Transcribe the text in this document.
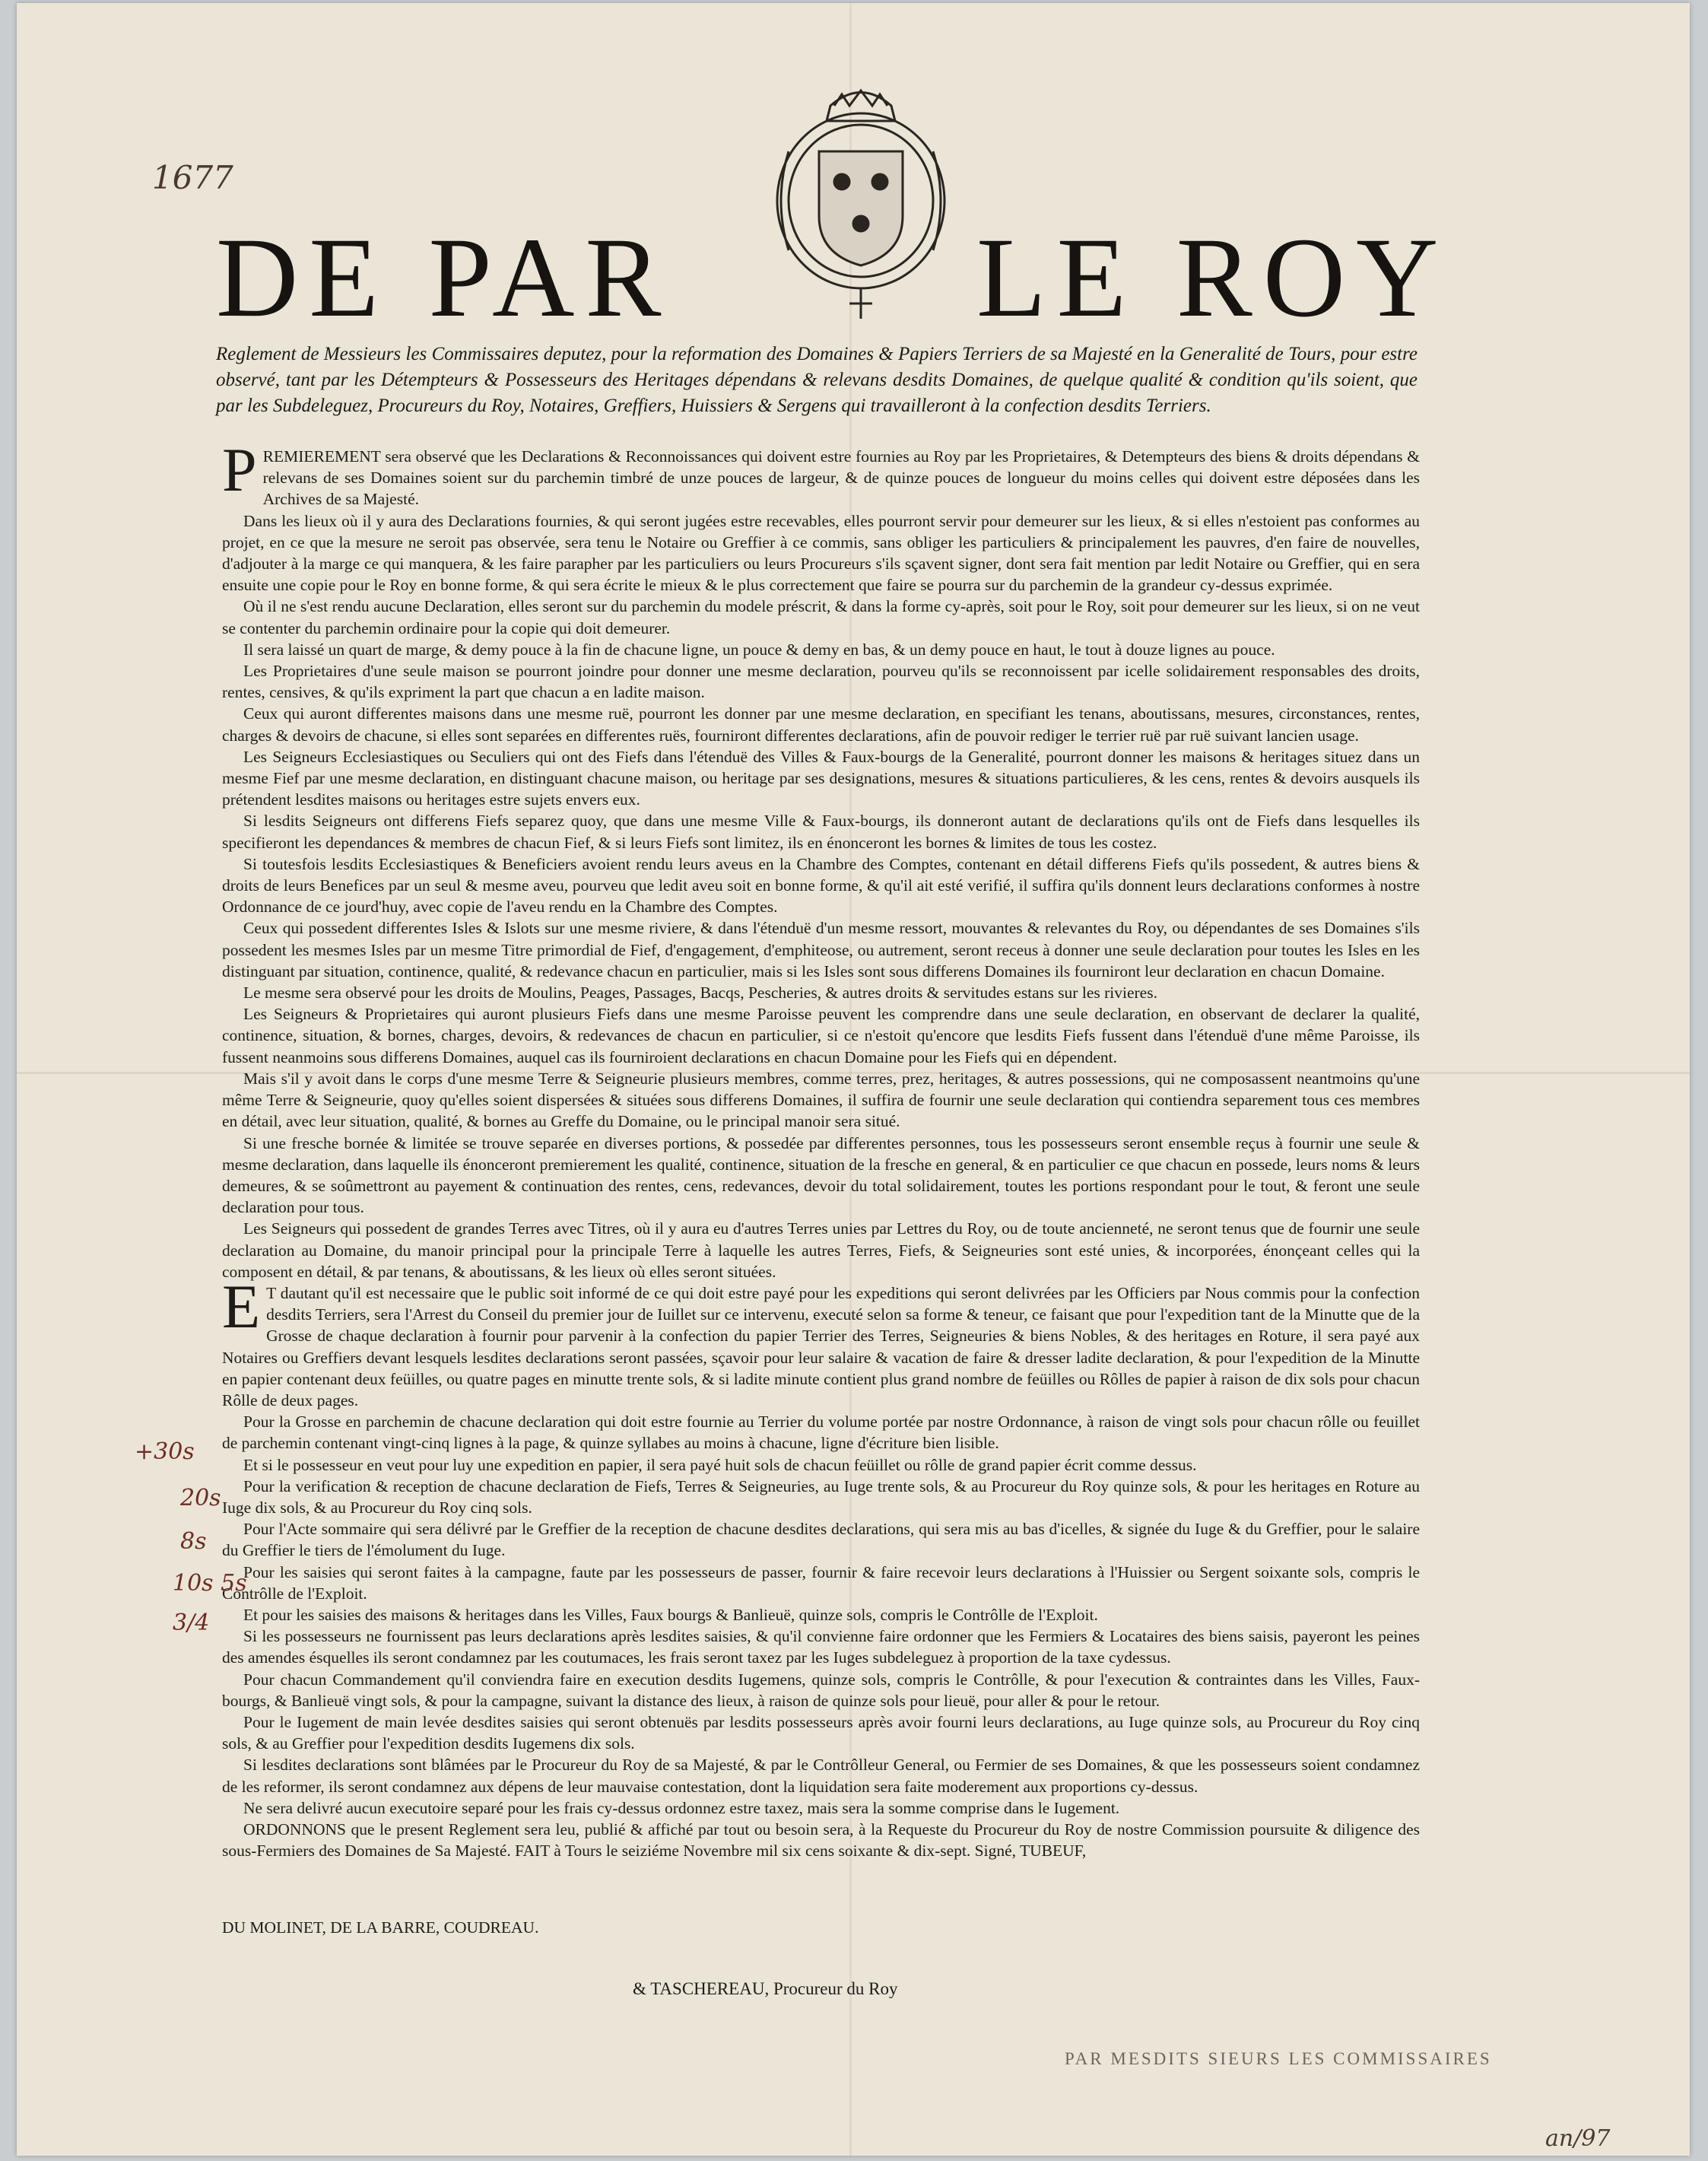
1677
DE PAR	LE ROY
Reglement de Messieurs les Commissaires deputez, pour la reformation des Domaines & Papiers Terriers de sa Majesté en la Generalité de Tours, pour estre observé, tant par les Détempteurs & Possesseurs des Heritages dépendans & relevans desdits Domaines, de quelque qualité & condition qu'ils soient, que par les Subdeleguez, Procureurs du Roy, Notaires, Greffiers, Huissiers & Sergens qui travailleront à la confection desdits Terriers.

PREMIEREMENT sera observé que les Declarations & Reconnoissances qui doivent estre fournies au Roy par les Proprietaires, & Detempteurs des biens & droits dépendans & relevans de ses Domaines soient sur du parchemin timbré de unze pouces de largeur, & de quinze pouces de longueur du moins celles qui doivent estre déposées dans les Archives de sa Majesté.

Dans les lieux où il y aura des Declarations fournies, & qui seront jugées estre recevables, elles pourront servir pour demeurer sur les lieux, & si elles n'estoient pas conformes au projet, en ce que la mesure ne seroit pas observée, sera tenu le Notaire ou Greffier à ce commis, sans obliger les particuliers & principalement les pauvres, d'en faire de nouvelles, d'adjouter à la marge ce qui manquera, & les faire parapher par les particuliers ou leurs Procureurs s'ils sçavent signer, dont sera fait mention par ledit Notaire ou Greffier, qui en sera ensuite une copie pour le Roy en bonne forme, & qui sera écrite le mieux & le plus correctement que faire se pourra sur du parchemin de la grandeur cy-dessus exprimée.

Où il ne s'est rendu aucune Declaration, elles seront sur du parchemin du modele préscrit, & dans la forme cy-après, soit pour le Roy, soit pour demeurer sur les lieux, si on ne veut se contenter du parchemin ordinaire pour la copie qui doit demeurer.

Il sera laissé un quart de marge, & demy pouce à la fin de chacune ligne, un pouce & demy en bas, & un demy pouce en haut, le tout à douze lignes au pouce.

Les Proprietaires d'une seule maison se pourront joindre pour donner une mesme declaration, pourveu qu'ils se reconnoissent par icelle solidairement responsables des droits, rentes, censives, & qu'ils expriment la part que chacun a en ladite maison.

Ceux qui auront differentes maisons dans une mesme ruë, pourront les donner par une mesme declaration, en specifiant les tenans, aboutissans, mesures, circonstances, rentes, charges & devoirs de chacune, si elles sont separées en differentes ruës, fourniront differentes declarations, afin de pouvoir rediger le terrier ruë par ruë suivant lancien usage.

Les Seigneurs Ecclesiastiques ou Seculiers qui ont des Fiefs dans l'étenduë des Villes & Faux-bourgs de la Generalité, pourront donner les maisons & heritages situez dans un mesme Fief par une mesme declaration, en distinguant chacune maison, ou heritage par ses designations, mesures & situations particulieres, & les cens, rentes & devoirs ausquels ils prétendent lesdites maisons ou heritages estre sujets envers eux.

Si lesdits Seigneurs ont differens Fiefs separez quoy, que dans une mesme Ville & Faux-bourgs, ils donneront autant de declarations qu'ils ont de Fiefs dans lesquelles ils specifieront les dependances & membres de chacun Fief, & si leurs Fiefs sont limitez, ils en énonceront les bornes & limites de tous les costez.

Si toutesfois lesdits Ecclesiastiques & Beneficiers avoient rendu leurs aveus en la Chambre des Comptes, contenant en détail differens Fiefs qu'ils possedent, & autres biens & droits de leurs Benefices par un seul & mesme aveu, pourveu que ledit aveu soit en bonne forme, & qu'il ait esté verifié, il suffira qu'ils donnent leurs declarations conformes à nostre Ordonnance de ce jourd'huy, avec copie de l'aveu rendu en la Chambre des Comptes.

Ceux qui possedent differentes Isles & Islots sur une mesme riviere, & dans l'étenduë d'un mesme ressort, mouvantes & relevantes du Roy, ou dépendantes de ses Domaines s'ils possedent les mesmes Isles par un mesme Titre primordial de Fief, d'engagement, d'emphiteose, ou autrement, seront receus à donner une seule declaration pour toutes les Isles en les distinguant par situation, continence, qualité, & redevance chacun en particulier, mais si les Isles sont sous differens Domaines ils fourniront leur declaration en chacun Domaine.

Le mesme sera observé pour les droits de Moulins, Peages, Passages, Bacqs, Pescheries, & autres droits & servitudes estans sur les rivieres.

Les Seigneurs & Proprietaires qui auront plusieurs Fiefs dans une mesme Paroisse peuvent les comprendre dans une seule declaration, en observant de declarer la qualité, continence, situation, & bornes, charges, devoirs, & redevances de chacun en particulier, si ce n'estoit qu'encore que lesdits Fiefs fussent dans l'étenduë d'une même Paroisse, ils fussent neanmoins sous differens Domaines, auquel cas ils fourniroient declarations en chacun Domaine pour les Fiefs qui en dépendent.

Mais s'il y avoit dans le corps d'une mesme Terre & Seigneurie plusieurs membres, comme terres, prez, heritages, & autres possessions, qui ne composassent neantmoins qu'une même Terre & Seigneurie, quoy qu'elles soient dispersées & situées sous differens Domaines, il suffira de fournir une seule declaration qui contiendra separement tous ces membres en détail, avec leur situation, qualité, & bornes au Greffe du Domaine, ou le principal manoir sera situé.

Si une fresche bornée & limitée se trouve separée en diverses portions, & possedée par differentes personnes, tous les possesseurs seront ensemble reçus à fournir une seule & mesme declaration, dans laquelle ils énonceront premierement les qualité, continence, situation de la fresche en general, & en particulier ce que chacun en possede, leurs noms & leurs demeures, & se soûmettront au payement & continuation des rentes, cens, redevances, devoir du total solidairement, toutes les portions respondant pour le tout, & feront une seule declaration pour tous.

Les Seigneurs qui possedent de grandes Terres avec Titres, où il y aura eu d'autres Terres unies par Lettres du Roy, ou de toute ancienneté, ne seront tenus que de fournir une seule declaration au Domaine, du manoir principal pour la principale Terre à laquelle les autres Terres, Fiefs, & Seigneuries sont esté unies, & incorporées, énonçeant celles qui la composent en détail, & par tenans, & aboutissans, & les lieux où elles seront situées.

E T dautant qu'il est necessaire que le public soit informé de ce qui doit estre payé pour les expeditions qui seront delivrées par les Officiers par Nous commis pour la confection desdits Terriers, sera l'Arrest du Conseil du premier jour de Iuillet sur ce intervenu, executé selon sa forme & teneur, ce faisant que pour l'expedition tant de la Minutte que de la Grosse de chaque declaration à fournir pour parvenir à la confection du papier Terrier des Terres, Seigneuries & biens Nobles, & des heritages en Roture, il sera payé aux Notaires ou Greffiers devant lesquels lesdites declarations seront passées, sçavoir pour leur salaire & vacation de faire & dresser ladite declaration, & pour l'expedition de la Minutte en papier contenant deux feüilles, ou quatre pages en minutte trente sols, & si ladite minute contient plus grand nombre de feüilles ou Rôlles de papier à raison de dix sols pour chacun Rôlle de deux pages.

Pour la Grosse en parchemin de chacune declaration qui doit estre fournie au Terrier du volume portée par nostre Ordonnance, à raison de vingt sols pour chacun rôlle ou feuillet de parchemin contenant vingt-cinq lignes à la page, & quinze syllabes au moins à chacune, ligne d'écriture bien lisible.

Et si le possesseur en veut pour luy une expedition en papier, il sera payé huit sols de chacun feüillet ou rôlle de grand papier écrit comme dessus.

Pour la verification & reception de chacune declaration de Fiefs, Terres & Seigneuries, au Iuge trente sols, & au Procureur du Roy quinze sols, & pour les heritages en Roture au Iuge dix sols, & au Procureur du Roy cinq sols.

Pour l'Acte sommaire qui sera délivré par le Greffier de la reception de chacune desdites declarations, qui sera mis au bas d'icelles, & signée du Iuge & du Greffier, pour le salaire du Greffier le tiers de l'émolument du Iuge.

Pour les saisies qui seront faites à la campagne, faute par les possesseurs de passer, fournir & faire recevoir leurs declarations à l'Huissier ou Sergent soixante sols, compris le Contrôlle de l'Exploit.

Et pour les saisies des maisons & heritages dans les Villes, Faux bourgs & Banlieuë, quinze sols, compris le Contrôlle de l'Exploit.

Si les possesseurs ne fournissent pas leurs declarations après lesdites saisies, & qu'il convienne faire ordonner que les Fermiers & Locataires des biens saisis, payeront les peines des amendes ésquelles ils seront condamnez par les coutumaces, les frais seront taxez par les Iuges subdeleguez à proportion de la taxe cydessus.

Pour chacun Commandement qu'il conviendra faire en execution desdits Iugemens, quinze sols, compris le Contrôlle, & pour l'execution & contraintes dans les Villes, Faux-bourgs, & Banlieuë vingt sols, & pour la campagne, suivant la distance des lieux, à raison de quinze sols pour lieuë, pour aller & pour le retour.

Pour le Iugement de main levée desdites saisies qui seront obtenuës par lesdits possesseurs après avoir fourni leurs declarations, au Iuge quinze sols, au Procureur du Roy cinq sols, & au Greffier pour l'expedition desdits Iugemens dix sols.

Si lesdites declarations sont blâmées par le Procureur du Roy de sa Majesté, & par le Contrôlleur General, ou Fermier de ses Domaines, & que les possesseurs soient condamnez de les reformer, ils seront condamnez aux dépens de leur mauvaise contestation, dont la liquidation sera faite moderement aux proportions cy-dessus.

Ne sera delivré aucun executoire separé pour les frais cy-dessus ordonnez estre taxez, mais sera la somme comprise dans le Iugement.

ORDONNONS que le present Reglement sera leu, publié & affiché par tout ou besoin sera, à la Requeste du Procureur du Roy de nostre Commission poursuite & diligence des sous-Fermiers des Domaines de Sa Majesté. FAIT à Tours le seiziéme Novembre mil six cens soixante & dix-sept. Signé, TUBEUF,

DU MOLINET, DE LA BARRE, COUDREAU.
& TASCHEREAU, Procureur du Roy
PAR MESDITS SIEURS LES COMMISSAIRES
+30s
20s
8s
10s 5s
3/4
an/97
